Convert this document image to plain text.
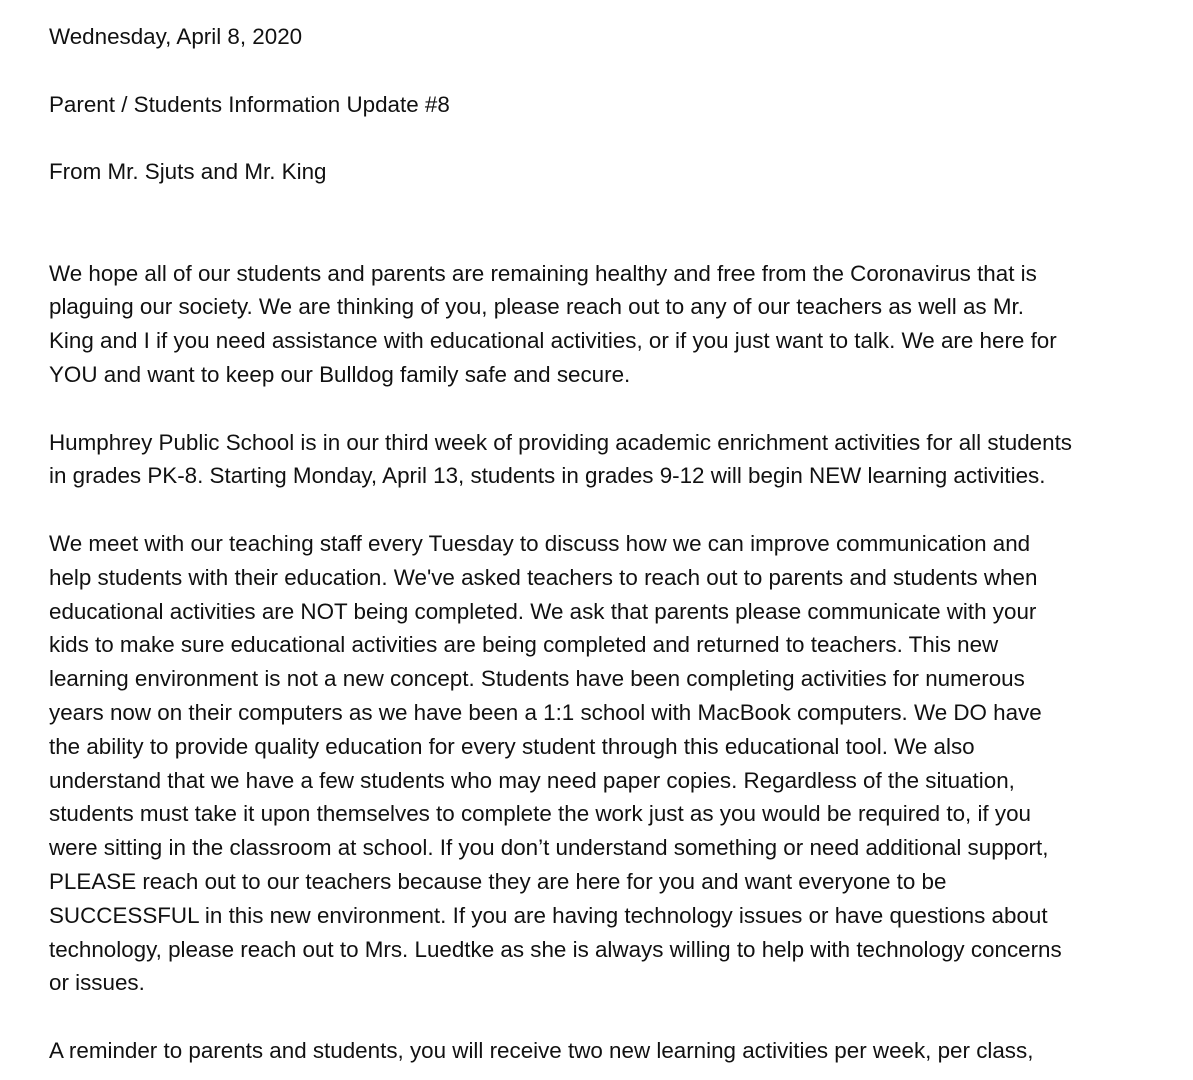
Wednesday, April 8, 2020
Parent / Students Information Update #8
From Mr. Sjuts and Mr. King
We hope all of our students and parents are remaining healthy and free from the Coronavirus that is
plaguing our society. We are thinking of you, please reach out to any of our teachers as well as Mr.
King and I if you need assistance with educational activities, or if you just want to talk. We are here for
YOU and want to keep our Bulldog family safe and secure.
Humphrey Public School is in our third week of providing academic enrichment activities for all students
in grades PK-8. Starting Monday, April 13, students in grades 9-12 will begin NEW learning activities.
We meet with our teaching staff every Tuesday to discuss how we can improve communication and
help students with their education. We've asked teachers to reach out to parents and students when
educational activities are NOT being completed. We ask that parents please communicate with your
kids to make sure educational activities are being completed and returned to teachers. This new
learning environment is not a new concept. Students have been completing activities for numerous
years now on their computers as we have been a 1:1 school with MacBook computers. We DO have
the ability to provide quality education for every student through this educational tool. We also
understand that we have a few students who may need paper copies. Regardless of the situation,
students must take it upon themselves to complete the work just as you would be required to, if you
were sitting in the classroom at school. If you don’t understand something or need additional support,
PLEASE reach out to our teachers because they are here for you and want everyone to be
SUCCESSFUL in this new environment. If you are having technology issues or have questions about
technology, please reach out to Mrs. Luedtke as she is always willing to help with technology concerns
or issues.
A reminder to parents and students, you will receive two new learning activities per week, per class,
